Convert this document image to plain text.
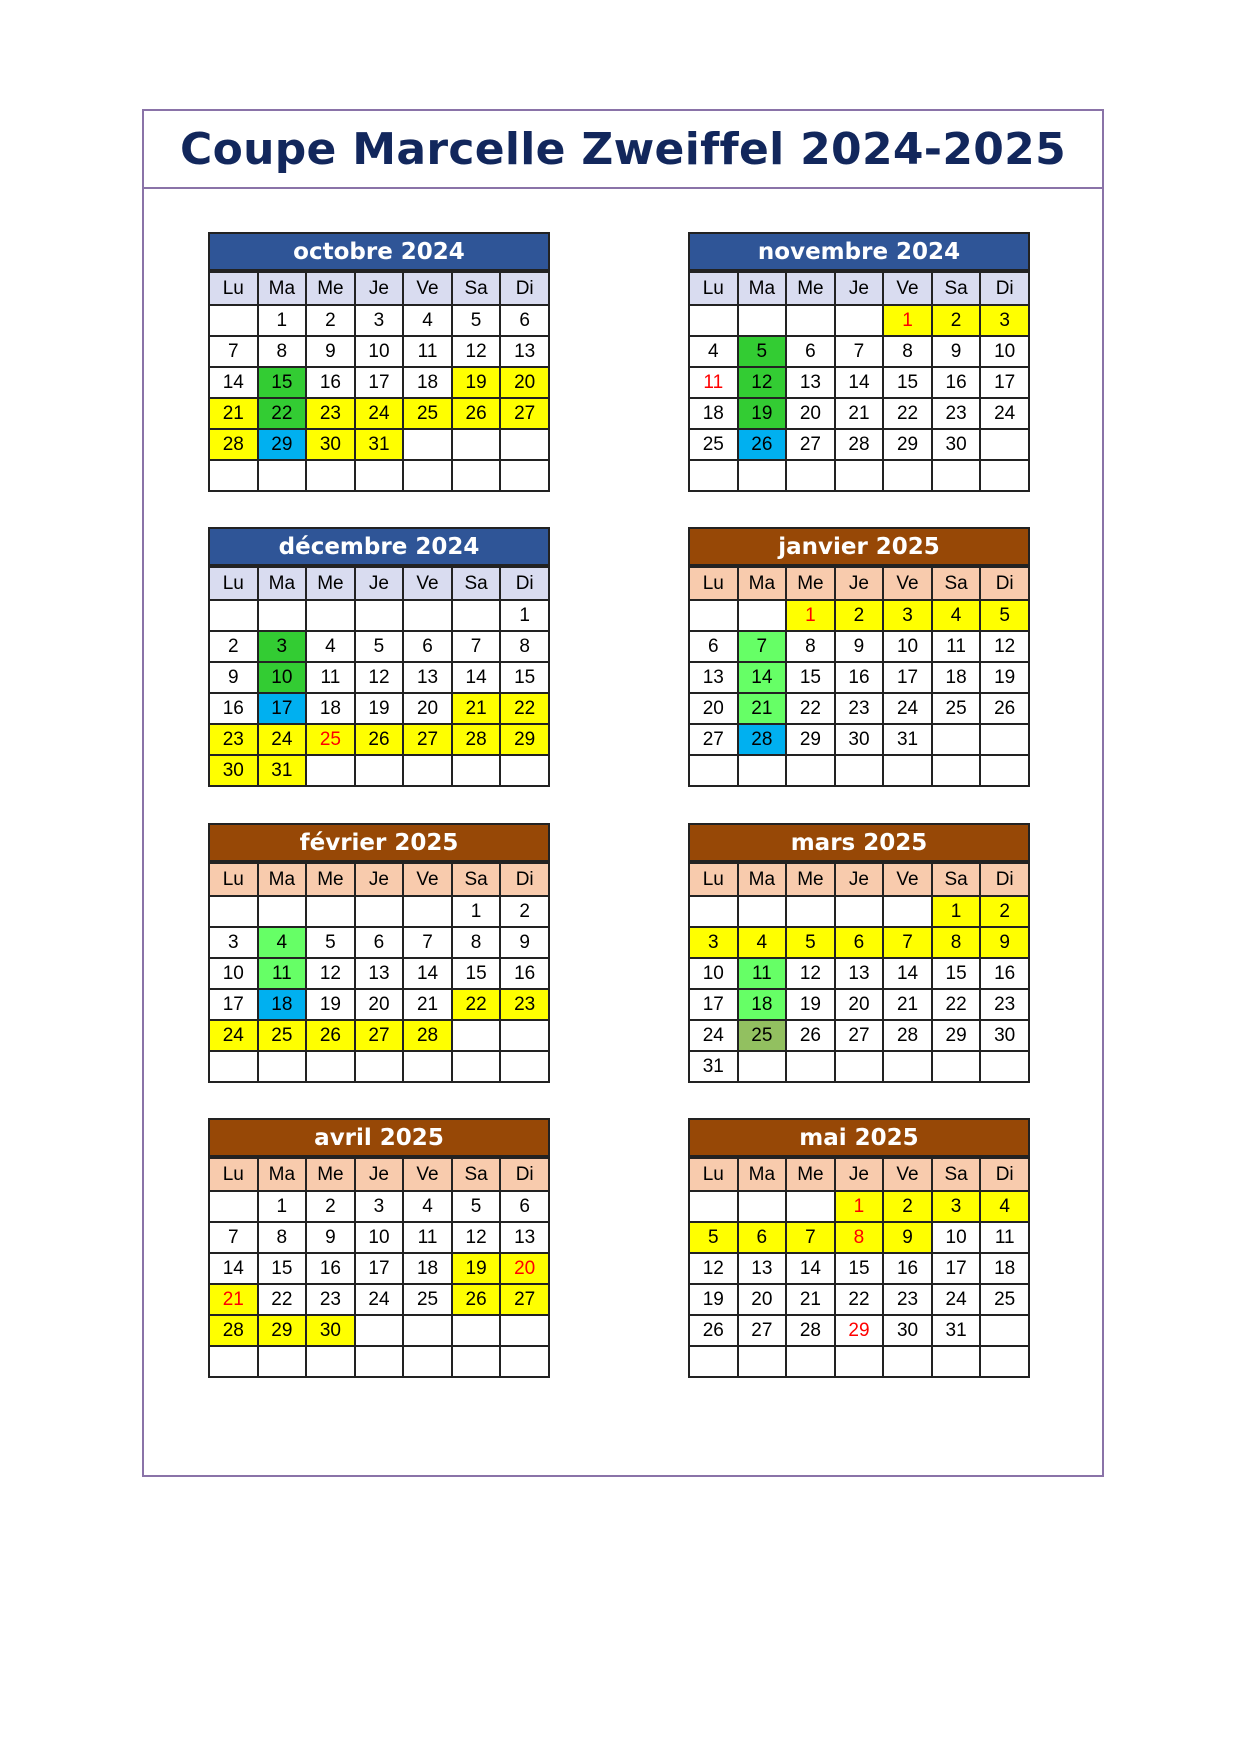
Coupe Marcelle Zweiffel 2024-2025
octobre 2024
Lu	Ma	Me	Je	Ve	Sa	Di
	1	2	3	4	5	6
7	8	9	10	11	12	13
14	15	16	17	18	19	20
21	22	23	24	25	26	27
28	29	30	31			

novembre 2024
Lu	Ma	Me	Je	Ve	Sa	Di
				1	2	3
4	5	6	7	8	9	10
11	12	13	14	15	16	17
18	19	20	21	22	23	24
25	26	27	28	29	30	

décembre 2024
Lu	Ma	Me	Je	Ve	Sa	Di
						1
2	3	4	5	6	7	8
9	10	11	12	13	14	15
16	17	18	19	20	21	22
23	24	25	26	27	28	29
30	31					
janvier 2025
Lu	Ma	Me	Je	Ve	Sa	Di
		1	2	3	4	5
6	7	8	9	10	11	12
13	14	15	16	17	18	19
20	21	22	23	24	25	26
27	28	29	30	31		

février 2025
Lu	Ma	Me	Je	Ve	Sa	Di
					1	2
3	4	5	6	7	8	9
10	11	12	13	14	15	16
17	18	19	20	21	22	23
24	25	26	27	28		

mars 2025
Lu	Ma	Me	Je	Ve	Sa	Di
					1	2
3	4	5	6	7	8	9
10	11	12	13	14	15	16
17	18	19	20	21	22	23
24	25	26	27	28	29	30
31						
avril 2025
Lu	Ma	Me	Je	Ve	Sa	Di
	1	2	3	4	5	6
7	8	9	10	11	12	13
14	15	16	17	18	19	20
21	22	23	24	25	26	27
28	29	30				

mai 2025
Lu	Ma	Me	Je	Ve	Sa	Di
			1	2	3	4
5	6	7	8	9	10	11
12	13	14	15	16	17	18
19	20	21	22	23	24	25
26	27	28	29	30	31	
